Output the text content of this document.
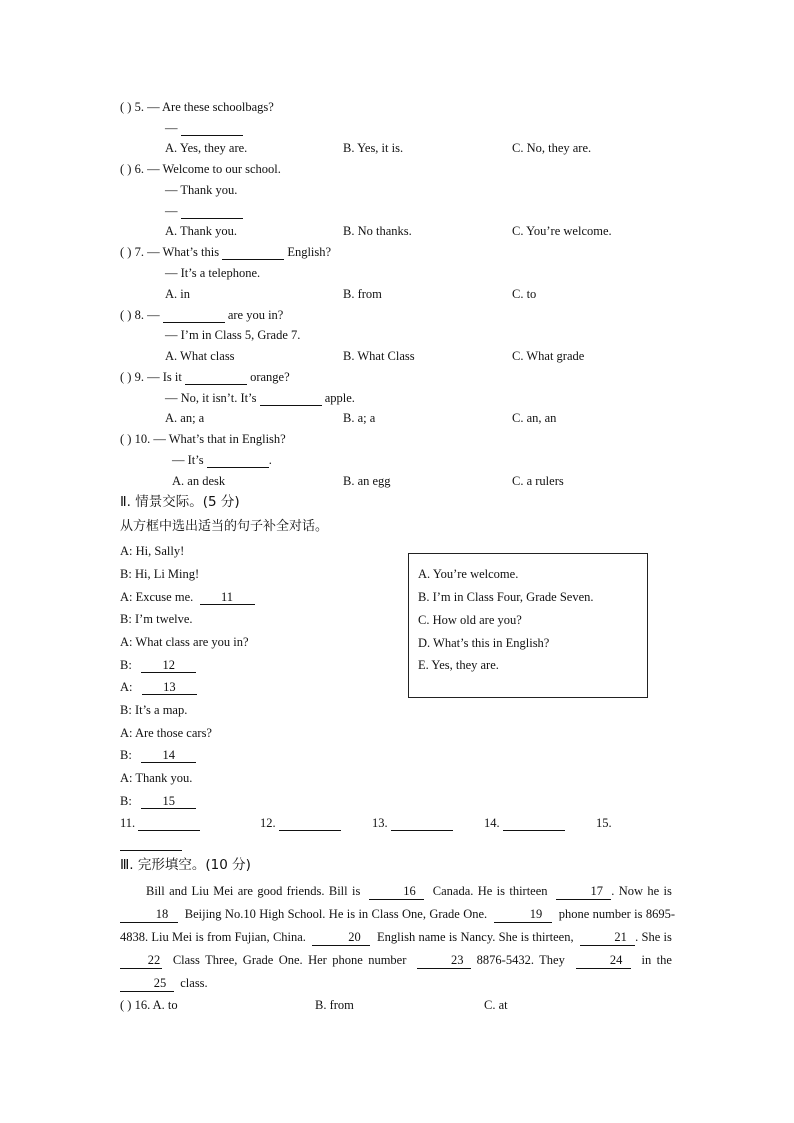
( ) 5. — Are these schoolbags?
—
A. Yes, they are.	B. Yes, it is.	C. No, they are.
( ) 6. — Welcome to our school.
— Thank you.
—
A. Thank you.	B. No thanks.	C. You’re welcome.
( ) 7. — What’s this	English?
— It’s a telephone.
A. in	B. from	C. to
( ) 8. —	are you in?
— I’m in Class 5, Grade 7.
A. What class	B. What Class	C. What grade
( ) 9. — Is it	orange?
— No, it isn’t. It’s	apple.
A. an; a	B. a; a	C. an, an
( ) 10. — What’s that in English?
— It’s	.
A. an desk	B. an egg	C. a rulers
Ⅱ. 情景交际。(5 分)
从方框中选出适当的句子补全对话。
A: Hi, Sally!
B: Hi, Li Ming!
A: Excuse me. 11
B: I’m twelve.
A: What class are you in?
B: 12
A: 13
B: It’s a map.
A: Are those cars?
B: 14
A: Thank you.
B: 15
A. You’re welcome.
B. I’m in Class Four, Grade Seven.
C. How old are you?
D. What’s this in English?
E. Yes, they are.
11.	12.	13.	14.	15.

Ⅲ. 完形填空。(10 分)
Bill and Liu Mei are good friends. Bill is	16 Canada. He is thirteen	17 . Now he is  18 Beijing No.10 High School. He is in Class One, Grade One.	19 phone number is 8695-4838. Liu Mei is from Fujian, China.	20 English name is Nancy. She is thirteen,	21 . She is  22 Class Three, Grade One. Her phone number	23 8876-5432. They	24 in the  25 class.
( ) 16. A. to	B. from	C. at
